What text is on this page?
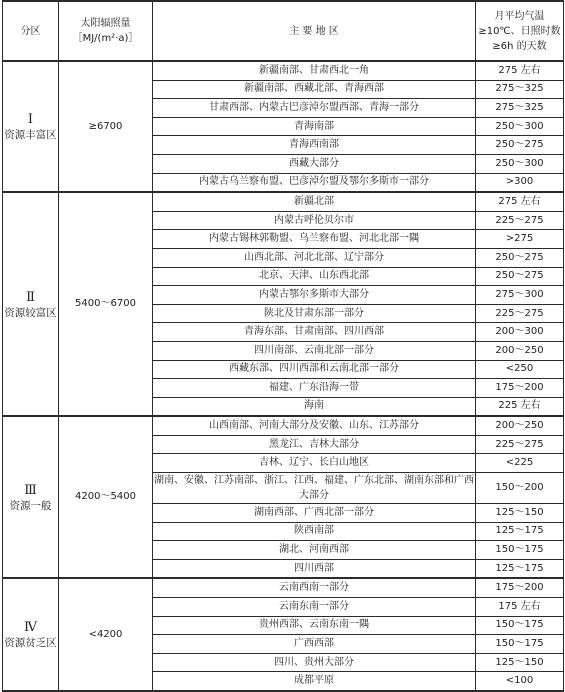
分区	太阳辐照量
［MJ/(m²·a)］	主 要 地 区	月平均气温
≥10℃、日照时数
≥6h 的天数

Ⅰ
资源丰富区	≥6700	新疆南部、甘肃西北一角	275 左右
		新疆南部、西藏北部、青海西部	275～325
		甘肃西部、内蒙古巴彦淖尔盟西部、青海一部分	275～325
		青海南部	250～300
		青海西南部	250～275
		西藏大部分	250～300
		内蒙古乌兰察布盟、巴彦淖尔盟及鄂尔多斯市一部分	>300

Ⅱ
资源较富区	5400～6700	新疆北部	275 左右
		内蒙古呼伦贝尔市	225～275
		内蒙古锡林郭勒盟、乌兰察布盟、河北北部一隅	>275
		山西北部、河北北部、辽宁部分	250～275
		北京、天津、山东西北部	250～275
		内蒙古鄂尔多斯市大部分	275～300
		陕北及甘肃东部一部分	225～275
		青海东部、甘肃南部、四川西部	200～300
		四川南部、云南北部一部分	200～250
		西藏东部、四川西部和云南北部一部分	<250
		福建、广东沿海一带	175～200
		海南	225 左右

Ⅲ
资源一般	4200～5400	山西南部、河南大部分及安徽、山东、江苏部分	200～250
		黑龙江、吉林大部分	225～275
		吉林、辽宁、长白山地区	<225
		湖南、安徽、江苏南部、浙江、江西、福建、广东北部、湖南东部和广西大部分	150～200
		湖南西部、广西北部一部分	125～150
		陕西南部	125～175
		湖北、河南西部	150～175
		四川西部	125～175

Ⅳ
资源贫乏区	<4200	云南西南一部分	175～200
		云南东南一部分	175 左右
		贵州西部、云南东南一隅	150～175
		广西西部	150～175
		四川、贵州大部分	125～150
		成都平原	<100
